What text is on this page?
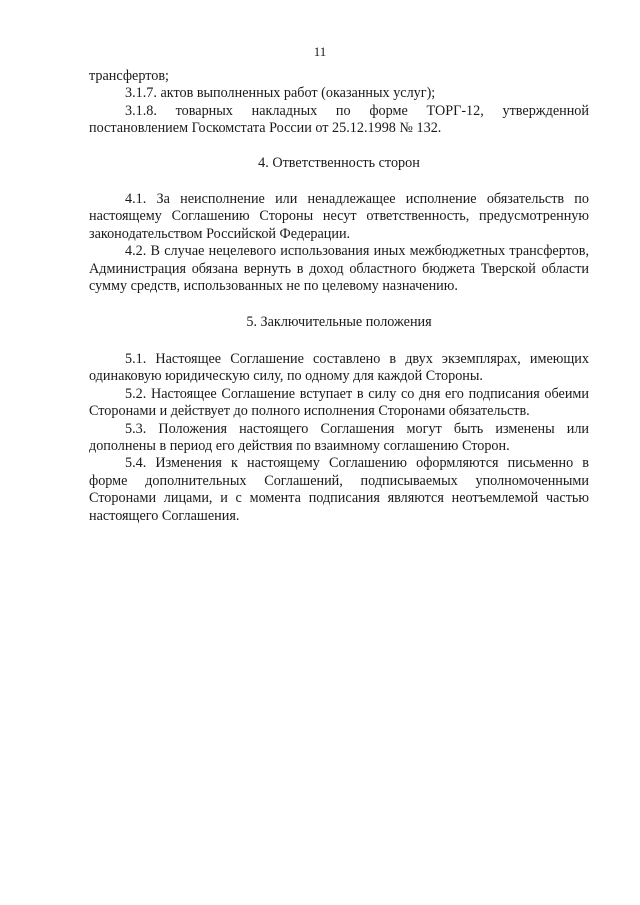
11

трансфертов;

3.1.7. актов выполненных работ (оказанных услуг);

3.1.8. товарных накладных по форме ТОРГ-12, утвержденной постановлением Госкомстата России от 25.12.1998 № 132.

4. Ответственность сторон

4.1. За неисполнение или ненадлежащее исполнение обязательств по настоящему Соглашению Стороны несут ответственность, предусмотренную законодательством Российской Федерации.

4.2. В случае нецелевого использования иных межбюджетных трансфертов, Администрация обязана вернуть в доход областного бюджета Тверской области сумму средств, использованных не по целевому назначению.

5. Заключительные положения

5.1. Настоящее Соглашение составлено в двух экземплярах, имеющих одинаковую юридическую силу, по одному для каждой Стороны.

5.2. Настоящее Соглашение вступает в силу со дня его подписания обеими Сторонами и действует до полного исполнения Сторонами обязательств.

5.3. Положения настоящего Соглашения могут быть изменены или дополнены в период его действия по взаимному соглашению Сторон.

5.4. Изменения к настоящему Соглашению оформляются письменно в форме дополнительных Соглашений, подписываемых уполномоченными Сторонами лицами, и с момента подписания являются неотъемлемой частью настоящего Соглашения.
